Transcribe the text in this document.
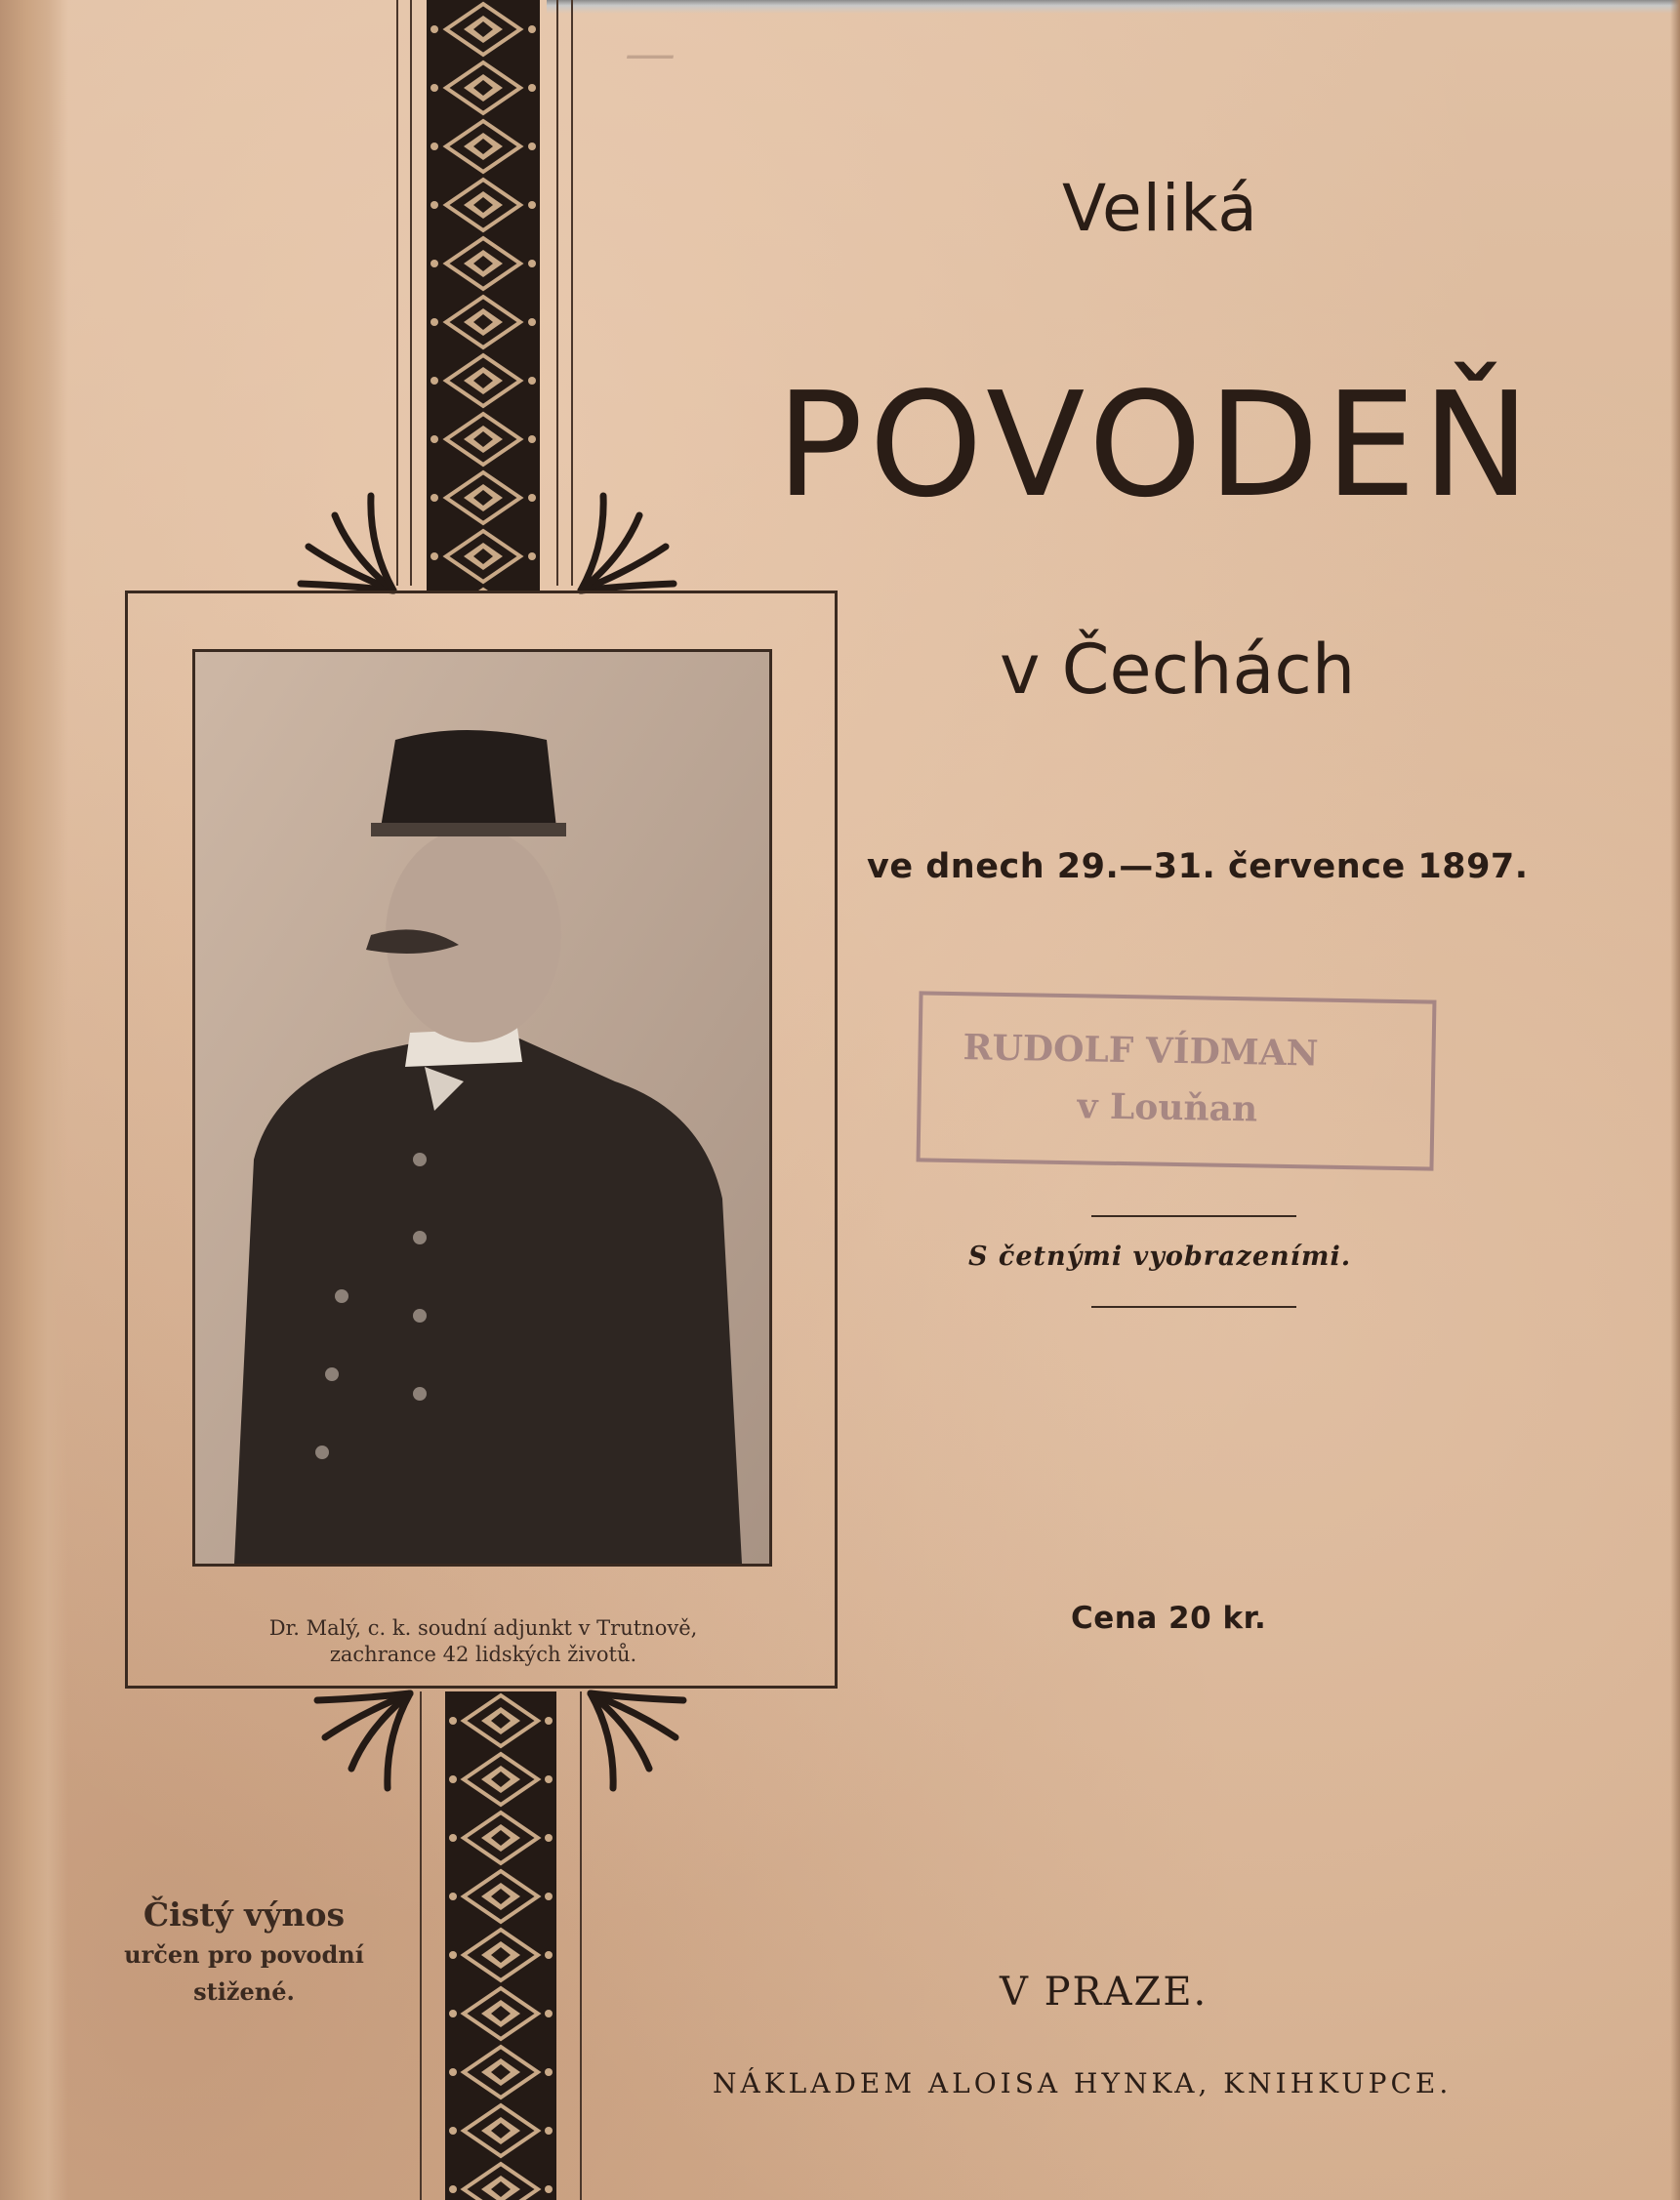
—
Dr. Malý, c. k. soudní adjunkt v Trutnově,
zachrance 42 lidských životů.
Veliká
POVODEŇ
v Čechách
ve dnech 29.—31. července 1897.
RUDOLF VÍDMAN
v Louňan
S četnými vyobrazeními.
Cena 20 kr.
Čistý výnos
určen pro povodní
stižené.	V PRAZE.
NÁKLADEM ALOISA HYNKA, KNIHKUPCE.
